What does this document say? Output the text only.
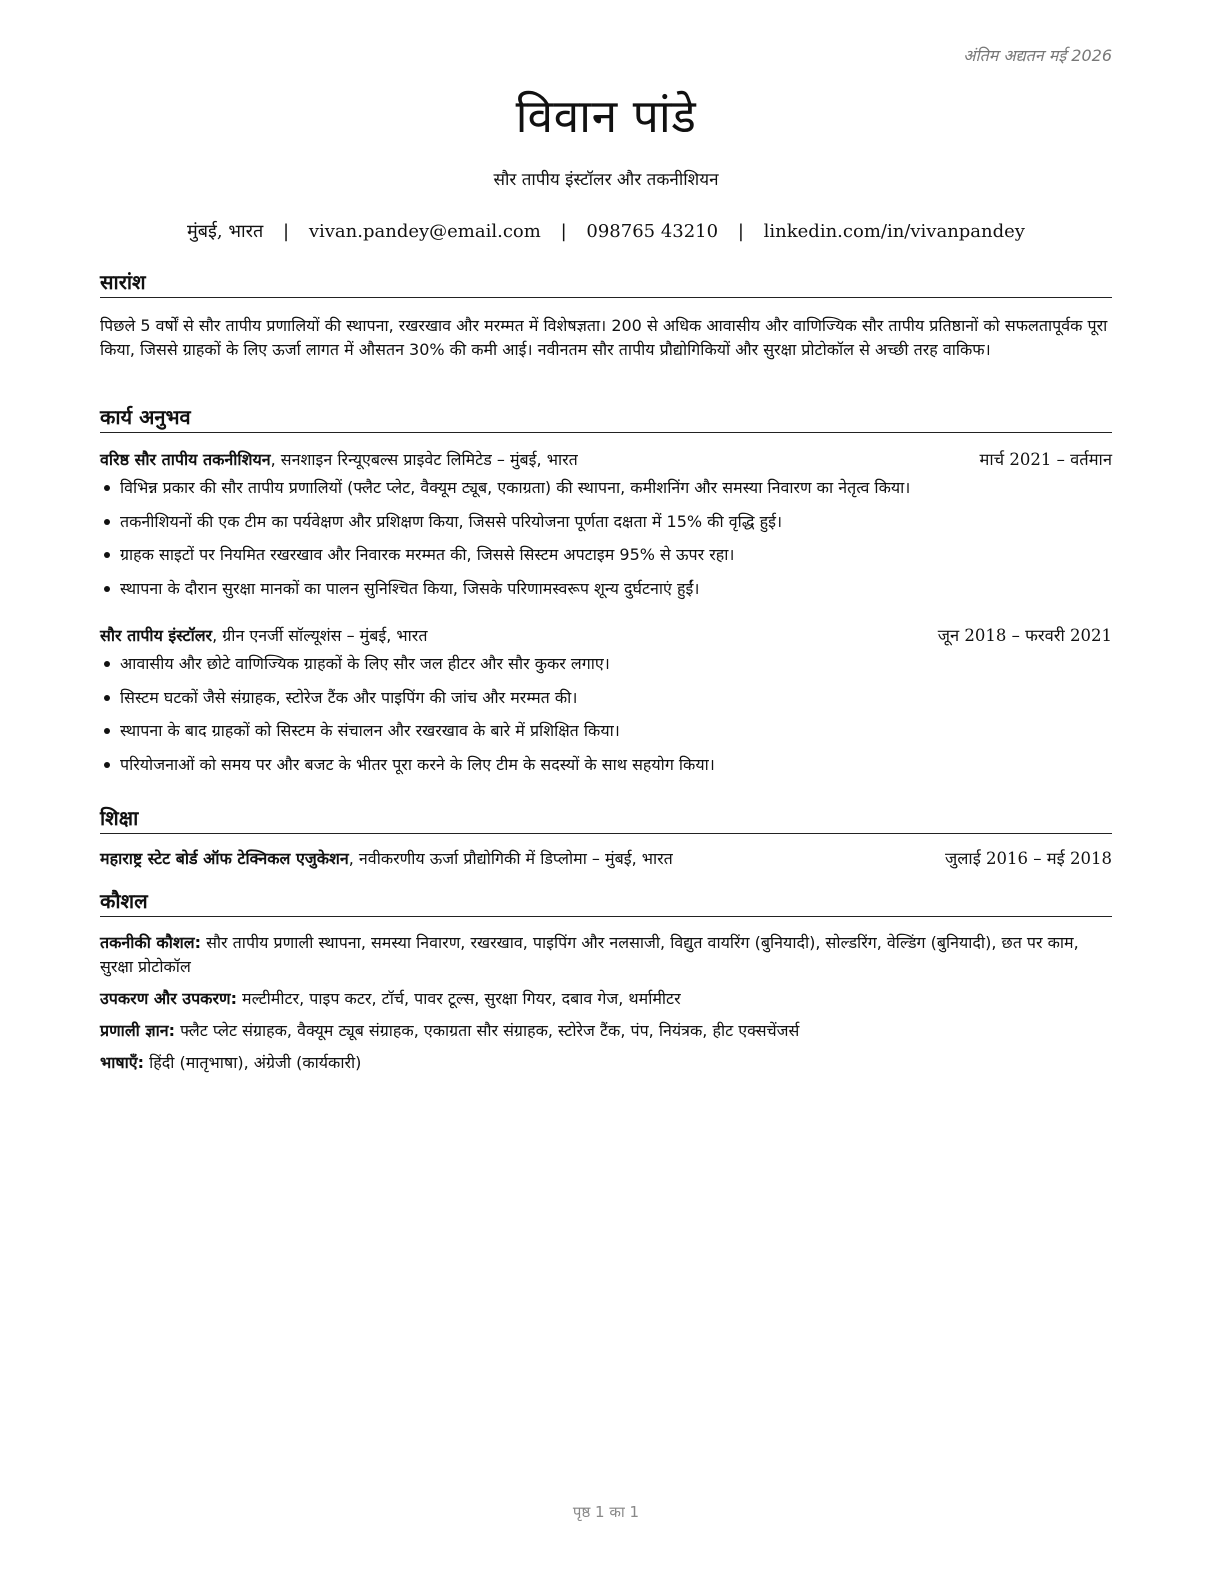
अंतिम अद्यतन मई 2026
विवान पांडे
सौर तापीय इंस्टॉलर और तकनीशियन
मुंबई, भारत | vivan.pandey@email.com | 098765 43210 | linkedin.com/in/vivanpandey
सारांश
पिछले 5 वर्षों से सौर तापीय प्रणालियों की स्थापना, रखरखाव और मरम्मत में विशेषज्ञता। 200 से अधिक आवासीय और वाणिज्यिक सौर तापीय प्रतिष्ठानों को सफलतापूर्वक पूरा किया, जिससे ग्राहकों के लिए ऊर्जा लागत में औसतन 30% की कमी आई। नवीनतम सौर तापीय प्रौद्योगिकियों और सुरक्षा प्रोटोकॉल से अच्छी तरह वाकिफ।
कार्य अनुभव
वरिष्ठ सौर तापीय तकनीशियन, सनशाइन रिन्यूएबल्स प्राइवेट लिमिटेड – मुंबई, भारत	मार्च 2021 – वर्तमान
विभिन्न प्रकार की सौर तापीय प्रणालियों (फ्लैट प्लेट, वैक्यूम ट्यूब, एकाग्रता) की स्थापना, कमीशनिंग और समस्या निवारण का नेतृत्व किया।
तकनीशियनों की एक टीम का पर्यवेक्षण और प्रशिक्षण किया, जिससे परियोजना पूर्णता दक्षता में 15% की वृद्धि हुई।
ग्राहक साइटों पर नियमित रखरखाव और निवारक मरम्मत की, जिससे सिस्टम अपटाइम 95% से ऊपर रहा।
स्थापना के दौरान सुरक्षा मानकों का पालन सुनिश्चित किया, जिसके परिणामस्वरूप शून्य दुर्घटनाएं हुईं।
सौर तापीय इंस्टॉलर, ग्रीन एनर्जी सॉल्यूशंस – मुंबई, भारत	जून 2018 – फरवरी 2021
आवासीय और छोटे वाणिज्यिक ग्राहकों के लिए सौर जल हीटर और सौर कुकर लगाए।
सिस्टम घटकों जैसे संग्राहक, स्टोरेज टैंक और पाइपिंग की जांच और मरम्मत की।
स्थापना के बाद ग्राहकों को सिस्टम के संचालन और रखरखाव के बारे में प्रशिक्षित किया।
परियोजनाओं को समय पर और बजट के भीतर पूरा करने के लिए टीम के सदस्यों के साथ सहयोग किया।
शिक्षा
महाराष्ट्र स्टेट बोर्ड ऑफ टेक्निकल एजुकेशन, नवीकरणीय ऊर्जा प्रौद्योगिकी में डिप्लोमा – मुंबई, भारत	जुलाई 2016 – मई 2018
कौशल
तकनीकी कौशल: सौर तापीय प्रणाली स्थापना, समस्या निवारण, रखरखाव, पाइपिंग और नलसाजी, विद्युत वायरिंग (बुनियादी), सोल्डरिंग, वेल्डिंग (बुनियादी), छत पर काम, सुरक्षा प्रोटोकॉल
उपकरण और उपकरण: मल्टीमीटर, पाइप कटर, टॉर्च, पावर टूल्स, सुरक्षा गियर, दबाव गेज, थर्मामीटर
प्रणाली ज्ञान: फ्लैट प्लेट संग्राहक, वैक्यूम ट्यूब संग्राहक, एकाग्रता सौर संग्राहक, स्टोरेज टैंक, पंप, नियंत्रक, हीट एक्सचेंजर्स
भाषाएँ: हिंदी (मातृभाषा), अंग्रेजी (कार्यकारी)
पृष्ठ 1 का 1
